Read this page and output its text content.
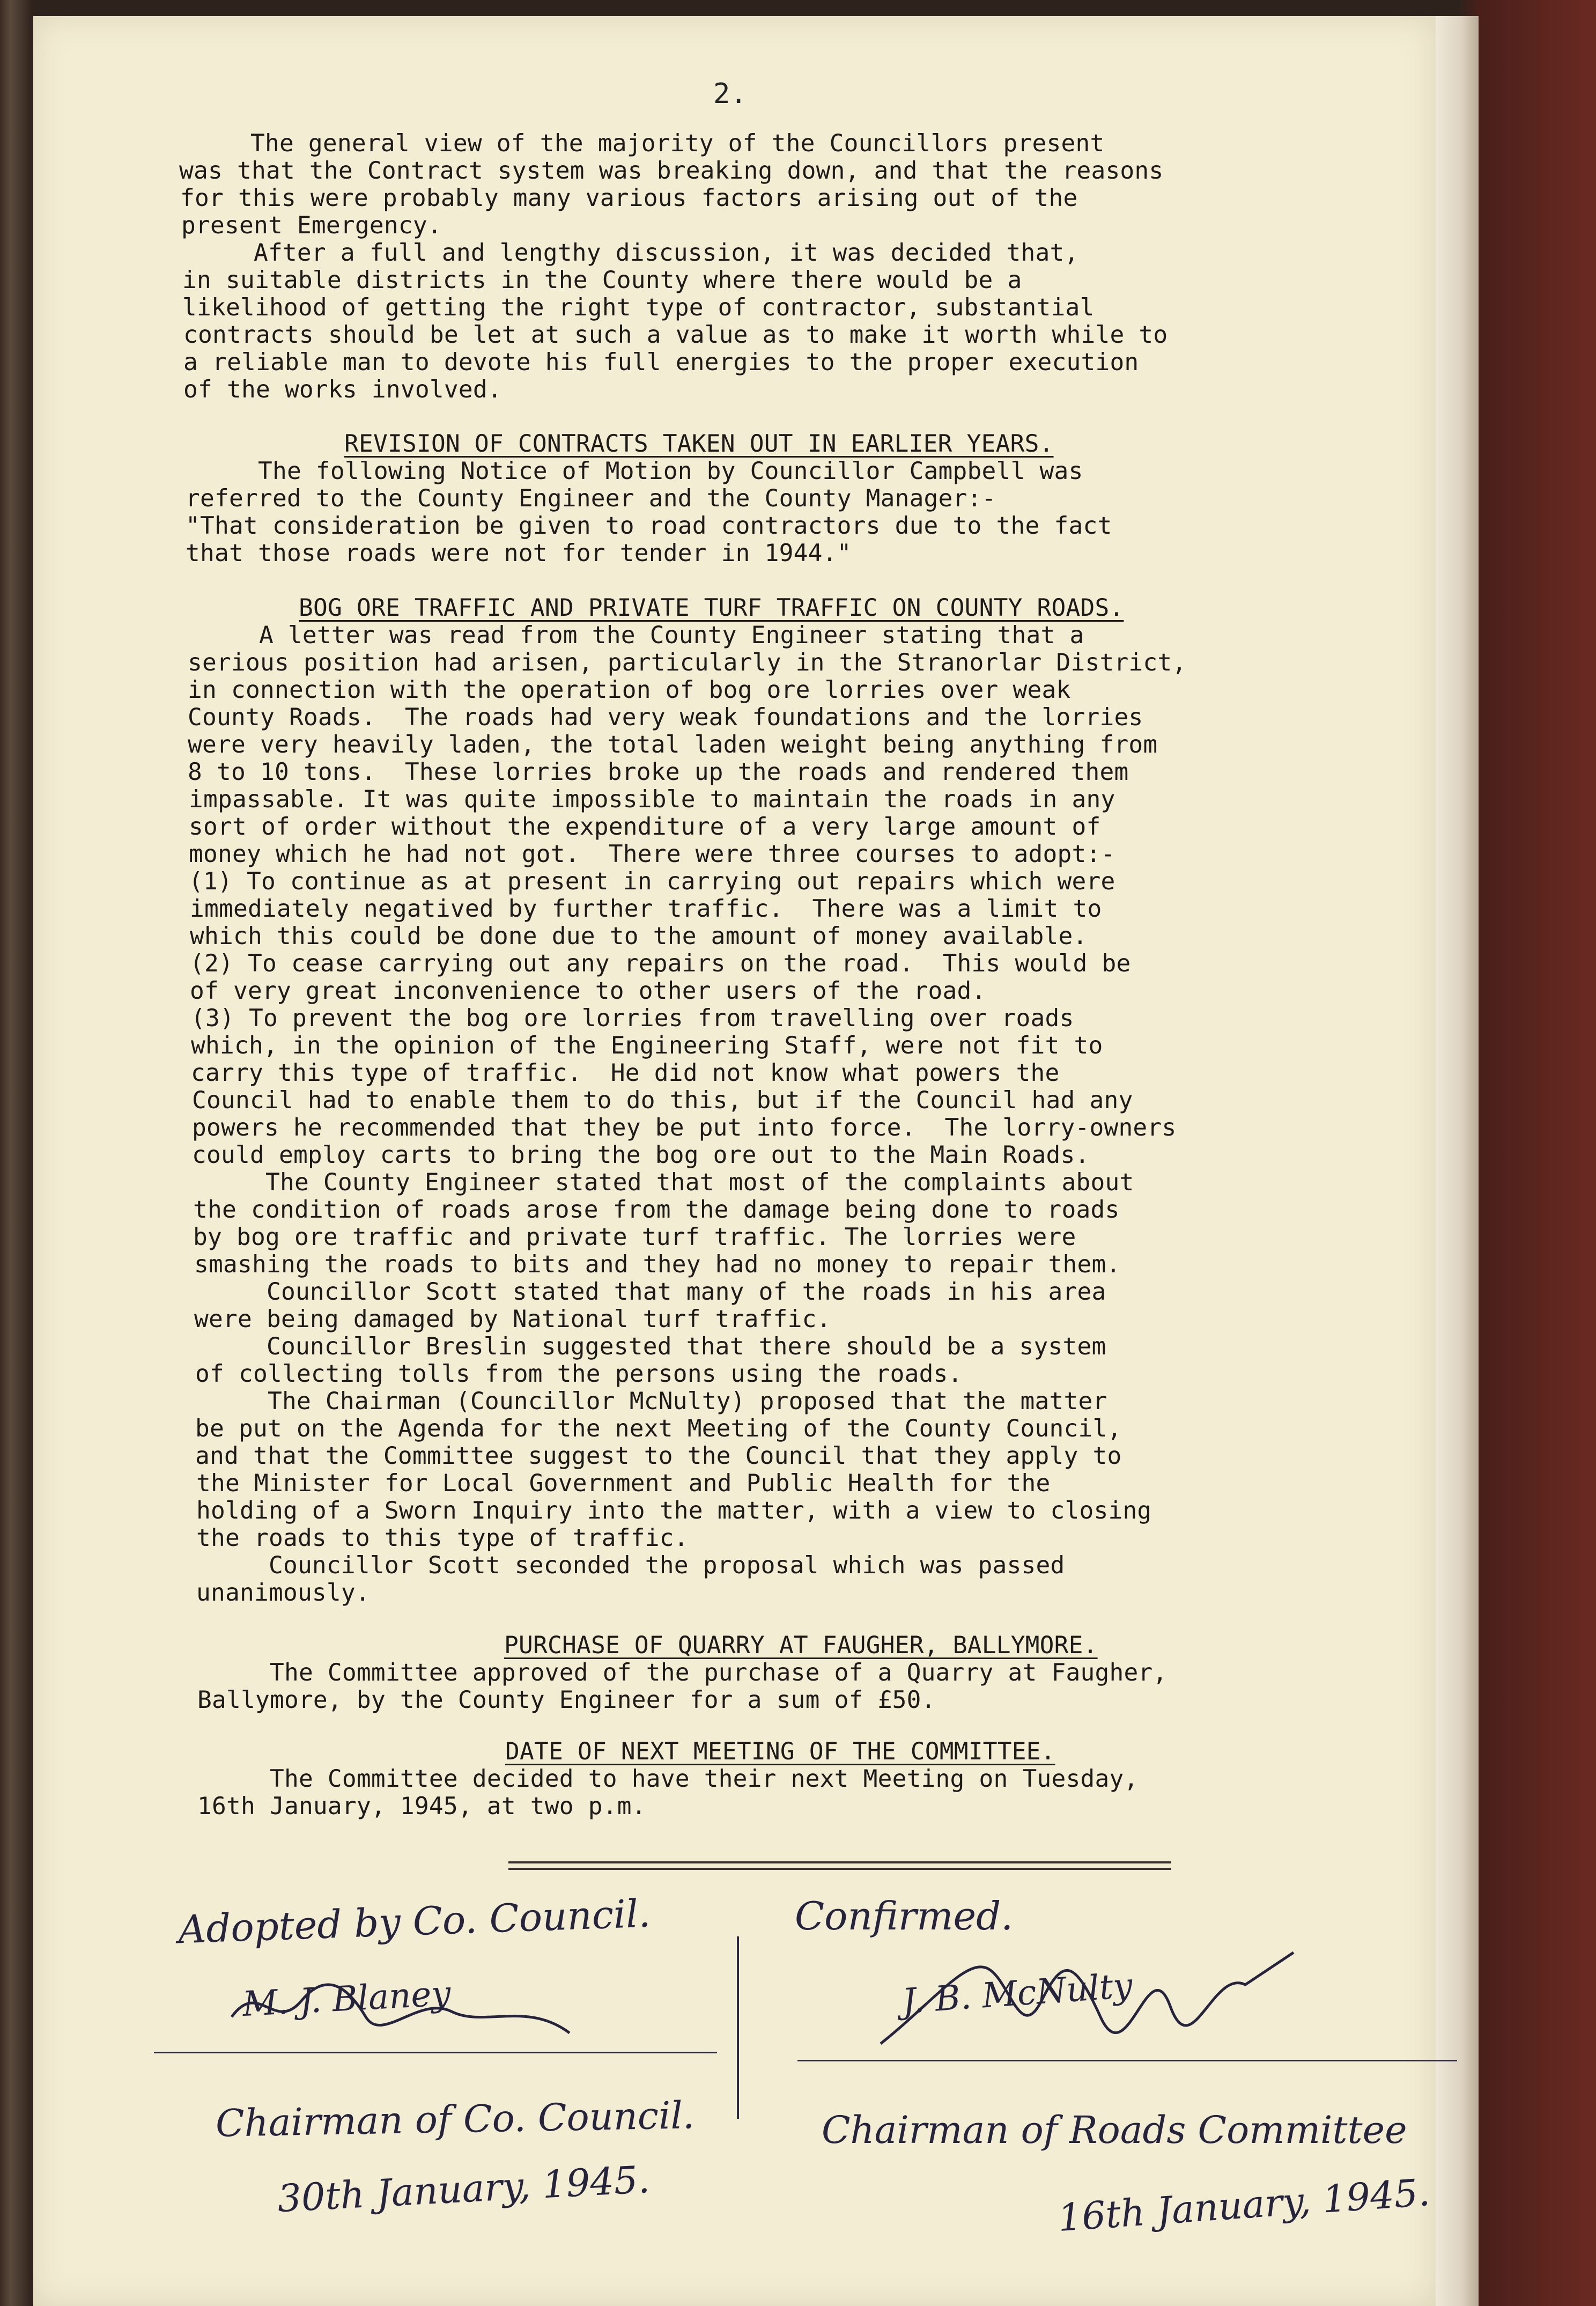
2.
The general view of the majority of the Councillors present
was that the Contract system was breaking down, and that the reasons
for this were probably many various factors arising out of the
present Emergency.
After a full and lengthy discussion, it was decided that,
in suitable districts in the County where there would be a
likelihood of getting the right type of contractor, substantial
contracts should be let at such a value as to make it worth while to
a reliable man to devote his full energies to the proper execution
of the works involved.
REVISION OF CONTRACTS TAKEN OUT IN EARLIER YEARS.
The following Notice of Motion by Councillor Campbell was
referred to the County Engineer and the County Manager:-
"That consideration be given to road contractors due to the fact
that those roads were not for tender in 1944."
BOG ORE TRAFFIC AND PRIVATE TURF TRAFFIC ON COUNTY ROADS.
A letter was read from the County Engineer stating that a
serious position had arisen, particularly in the Stranorlar District,
in connection with the operation of bog ore lorries over weak
County Roads.  The roads had very weak foundations and the lorries
were very heavily laden, the total laden weight being anything from
8 to 10 tons.  These lorries broke up the roads and rendered them
impassable. It was quite impossible to maintain the roads in any
sort of order without the expenditure of a very large amount of
money which he had not got.  There were three courses to adopt:-
(1) To continue as at present in carrying out repairs which were
immediately negatived by further traffic.  There was a limit to
which this could be done due to the amount of money available.
(2) To cease carrying out any repairs on the road.  This would be
of very great inconvenience to other users of the road.
(3) To prevent the bog ore lorries from travelling over roads
which, in the opinion of the Engineering Staff, were not fit to
carry this type of traffic.  He did not know what powers the
Council had to enable them to do this, but if the Council had any
powers he recommended that they be put into force.  The lorry-owners
could employ carts to bring the bog ore out to the Main Roads.
The County Engineer stated that most of the complaints about
the condition of roads arose from the damage being done to roads
by bog ore traffic and private turf traffic. The lorries were
smashing the roads to bits and they had no money to repair them.
Councillor Scott stated that many of the roads in his area
were being damaged by National turf traffic.
Councillor Breslin suggested that there should be a system
of collecting tolls from the persons using the roads.
The Chairman (Councillor McNulty) proposed that the matter
be put on the Agenda for the next Meeting of the County Council,
and that the Committee suggest to the Council that they apply to
the Minister for Local Government and Public Health for the
holding of a Sworn Inquiry into the matter, with a view to closing
the roads to this type of traffic.
Councillor Scott seconded the proposal which was passed
unanimously.
PURCHASE OF QUARRY AT FAUGHER, BALLYMORE.
The Committee approved of the purchase of a Quarry at Faugher,
Ballymore, by the County Engineer for a sum of £50.
DATE OF NEXT MEETING OF THE COMMITTEE.
The Committee decided to have their next Meeting on Tuesday,
16th January, 1945, at two p.m.
Adopted by Co. Council.
M. J. Blaney
Chairman of Co. Council.
30th January, 1945.
Confirmed.
J. B. McNulty
Chairman of Roads Committee
16th January, 1945.
